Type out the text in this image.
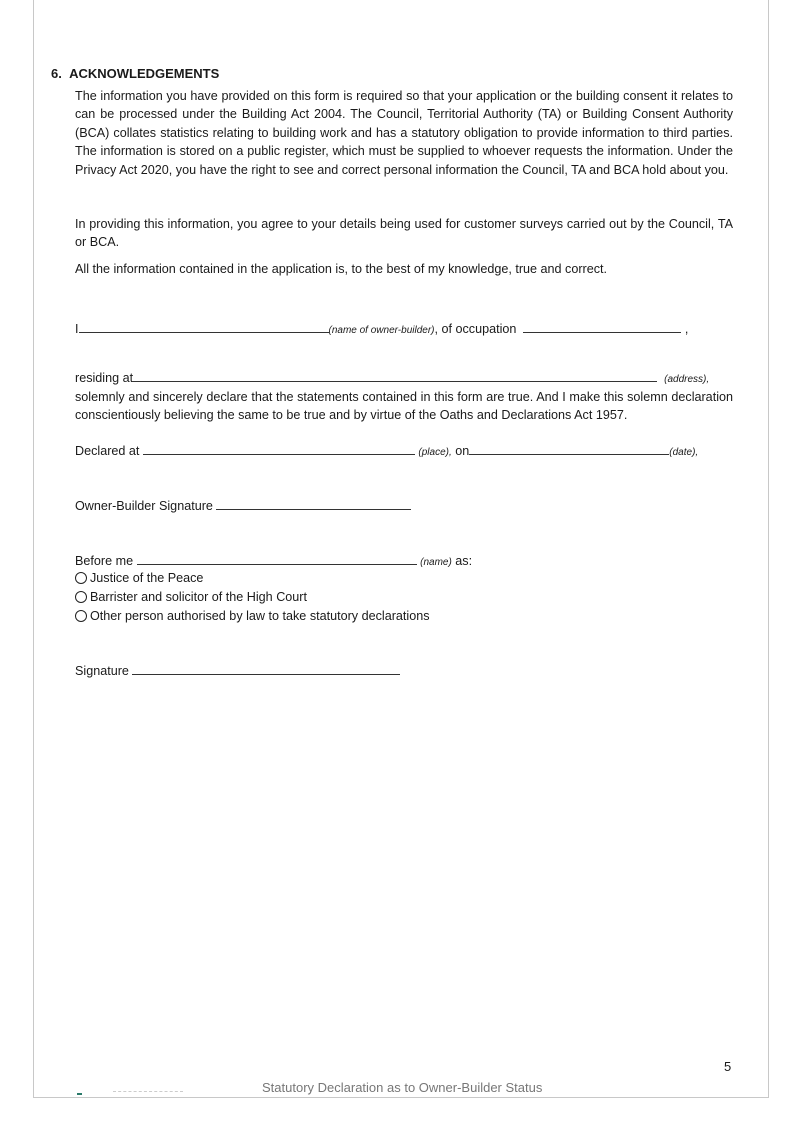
6. ACKNOWLEDGEMENTS
The information you have provided on this form is required so that your application or the building consent it relates to can be processed under the Building Act 2004. The Council, Territorial Authority (TA) or Building Consent Authority (BCA) collates statistics relating to building work and has a statutory obligation to provide information to third parties. The information is stored on a public register, which must be supplied to whoever requests the information. Under the Privacy Act 2020, you have the right to see and correct personal information the Council, TA and BCA hold about you.
In providing this information, you agree to your details being used for customer surveys carried out by the Council, TA or BCA.
All the information contained in the application is, to the best of my knowledge, true and correct.
I	(name of owner-builder), of occupation	,
residing at	(address),
solemnly and sincerely declare that the statements contained in this form are true. And I make this solemn declaration conscientiously believing the same to be true and by virtue of the Oaths and Declarations Act 1957.
Declared at	(place), on	(date),
Owner-Builder Signature
Before me	(name) as:
Justice of the Peace
Barrister and solicitor of the High Court
Other person authorised by law to take statutory declarations
Signature
5
Statutory Declaration as to Owner-Builder Status
